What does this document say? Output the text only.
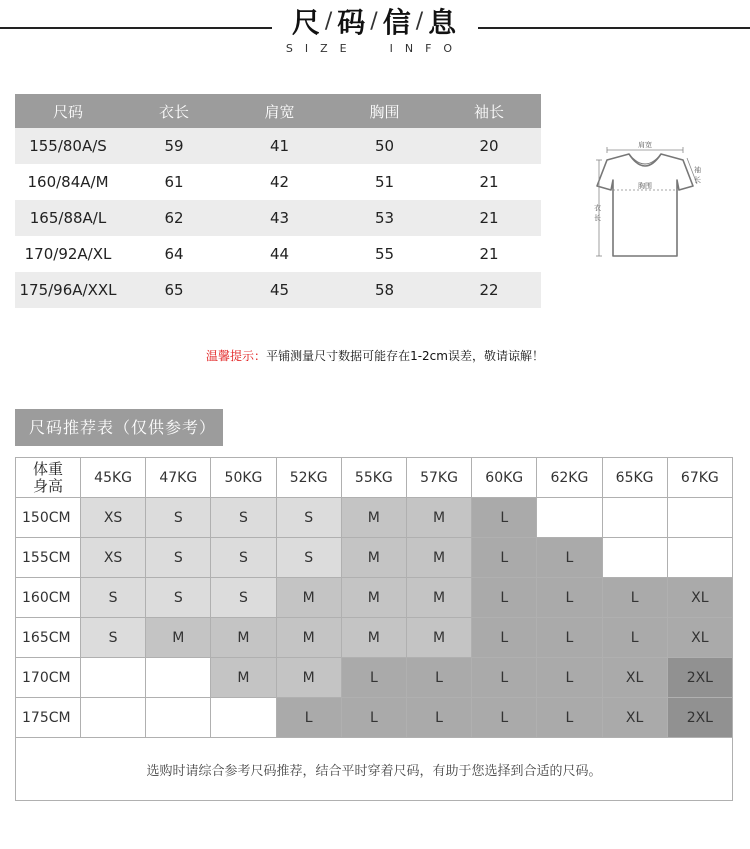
尺 / 码 / 信 / 息
SIZE  INFO
尺码	衣长	肩宽	胸围	袖长
155/80A/S	59	41	50	20
160/84A/M	61	42	51	21
165/88A/L	62	43	53	21
170/92A/XL	64	44	55	21
175/96A/XXL	65	45	58	22
肩宽
胸围
袖
长
衣
长
温馨提示：平铺测量尺寸数据可能存在1-2cm误差，敬请谅解！
尺码推荐表（仅供参考）
体重
身高	45KG	47KG	50KG	52KG	55KG	57KG	60KG	62KG	65KG	67KG
150CM	XS	S	S	S	M	M	L			
155CM	XS	S	S	S	M	M	L	L		
160CM	S	S	S	M	M	M	L	L	L	XL
165CM	S	M	M	M	M	M	L	L	L	XL
170CM			M	M	L	L	L	L	XL	2XL
175CM				L	L	L	L	L	XL	2XL
选购时请综合参考尺码推荐，结合平时穿着尺码，有助于您选择到合适的尺码。										
